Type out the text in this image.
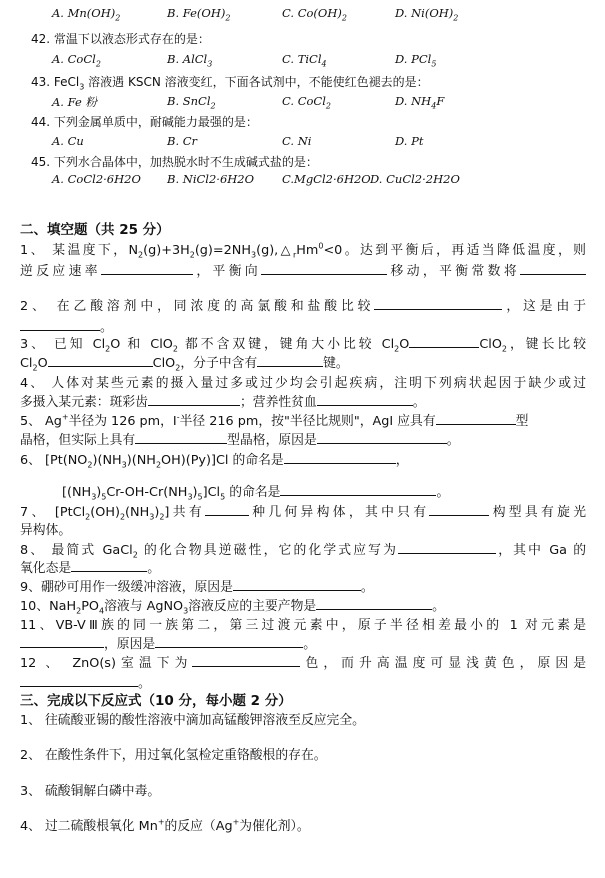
A. $Mn(OH)_2$	B. $Fe(OH)_2$	C. $Co(OH)_2$	D. $Ni(OH)_2$
42. 常温下以液态形式存在的是：
A. CoCl$_2$	B. AlCl$_3$	C. TiCl$_4$	D. PCl$_5$
43. FeCl$_3$ 溶液遇 KSCN 溶液变红，下面各试剂中，不能使红色褪去的是：
A. Fe 粉	B. SnCl$_2$	C. CoCl$_2$	D. $NH_4F$
44. 下列金属单质中，耐碱能力最强的是：
A. Cu	B. Cr	C. Ni	D. Pt
45. 下列水合晶体中，加热脱水时不生成碱式盐的是：
A. CoCl2·6H2O B. NiCl2·6H2O C.MgCl2·6H2O D. CuCl2·2H2O
二、填空题（共 25 分）
1、 某温度下，$N_2(g)+3H_2(g)=2NH_3(g),\triangle_rHm^0<0$。达到平衡后，再适当降低温度，则
逆反应速率	，平衡向	移动，平衡常数将
2、 在乙酸溶剂中，同浓度的高氯酸和盐酸比较	，这是由于
。
3、 已知 $Cl_2O$ 和 ClO$_2$ 都不含双键，键角大小比较 $Cl_2O$	ClO$_2$，键长比较
$Cl_2O$	ClO$_2$，分子中含有	键。
4、 人体对某些元素的摄入量过多或过少均会引起疾病，注明下列病状起因于缺少或过
多摄入某元素：斑彩齿	；营养性贫血	。
5、 Ag+半径为 126 pm，I-半径 216 pm，按"半径比规则"，AgI 应具有	型
晶格，但实际上具有	型晶格，原因是	。
6、 $[Pt(NO_2)(NH_3)(NH_2OH)(Py)]Cl$ 的命名是	，
$[(NH_3)_5Cr-OH-Cr(NH_3)_5]Cl_5$ 的命名是	。
7、 $[PtCl_2(OH)_2(NH_3)_2]$共有	种几何异构体，其中只有	构型具有旋光
异构体。
8、 最简式 GaCl$_2$ 的化合物具逆磁性，它的化学式应写为	，其中 Ga 的
氧化态是	。
9、硼砂可用作一级缓冲溶液，原因是	。
10、$NaH_2PO_4$溶液与 AgNO$_3$溶液反应的主要产物是	。
11、VB-VⅢ族的同一族第二，第三过渡元素中，原子半径相差最小的 1 对元素是
，原因是	。
12 、 ZnO(s)室温下为	色，而升高温度可显浅黄色，原因是
。
三、完成以下反应式（10 分，每小题 2 分）
1、 往硫酸亚锡的酸性溶液中滴加高锰酸钾溶液至反应完全。
2、 在酸性条件下，用过氧化氢检定重铬酸根的存在。
3、 硫酸铜解白磷中毒。
4、 过二硫酸根氧化 Mn+的反应（Ag+为催化剂）。
